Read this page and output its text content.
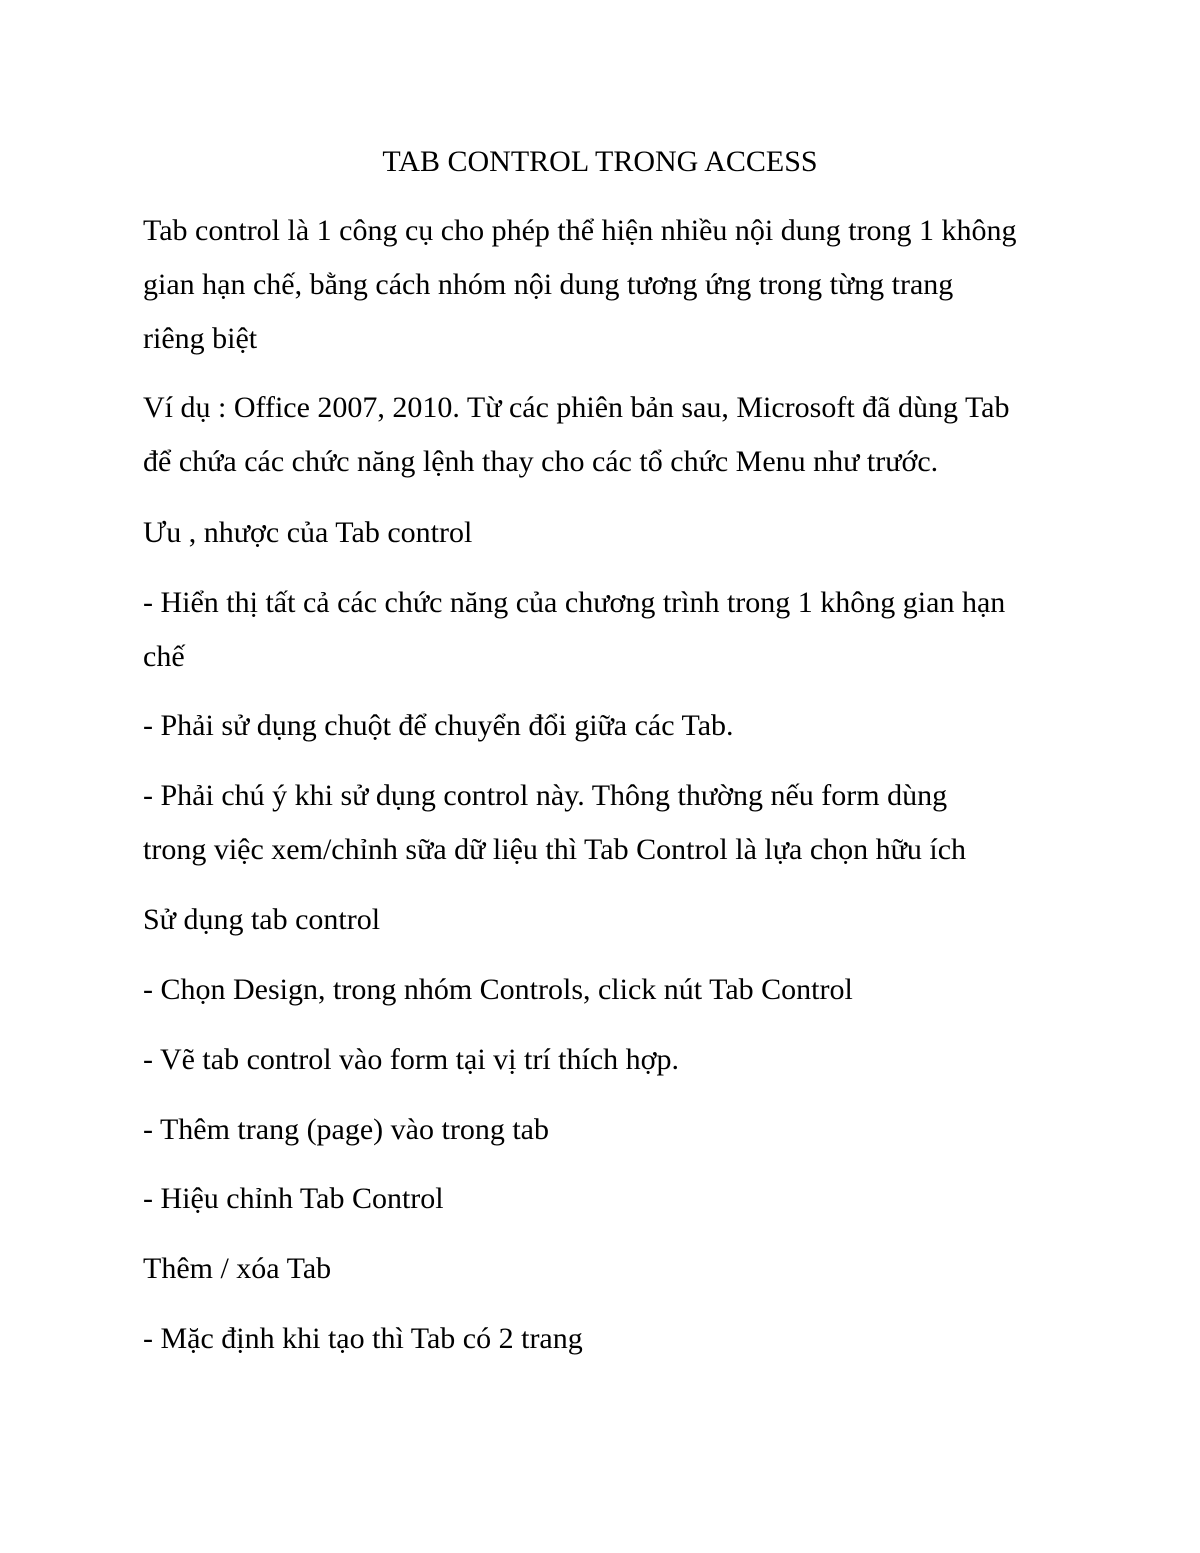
TAB CONTROL TRONG ACCESS

Tab control là 1 công cụ cho phép thể hiện nhiều nội dung trong 1 không
gian hạn chế, bằng cách nhóm nội dung tương ứng trong từng trang
riêng biệt

Ví dụ : Office 2007, 2010. Từ các phiên bản sau, Microsoft đã dùng Tab
để chứa các chức năng lệnh thay cho các tổ chức Menu như trước.

Ưu , nhược của Tab control

- Hiển thị tất cả các chức năng của chương trình trong 1 không gian hạn
chế

- Phải sử dụng chuột để chuyển đổi giữa các Tab.

- Phải chú ý khi sử dụng control này. Thông thường nếu form dùng
trong việc xem/chỉnh sữa dữ liệu thì Tab Control là lựa chọn hữu ích

Sử dụng tab control

- Chọn Design, trong nhóm Controls, click nút Tab Control

- Vẽ tab control vào form tại vị trí thích hợp.

- Thêm trang (page) vào trong tab

- Hiệu chỉnh Tab Control

Thêm / xóa Tab

- Mặc định khi tạo thì Tab có 2 trang
